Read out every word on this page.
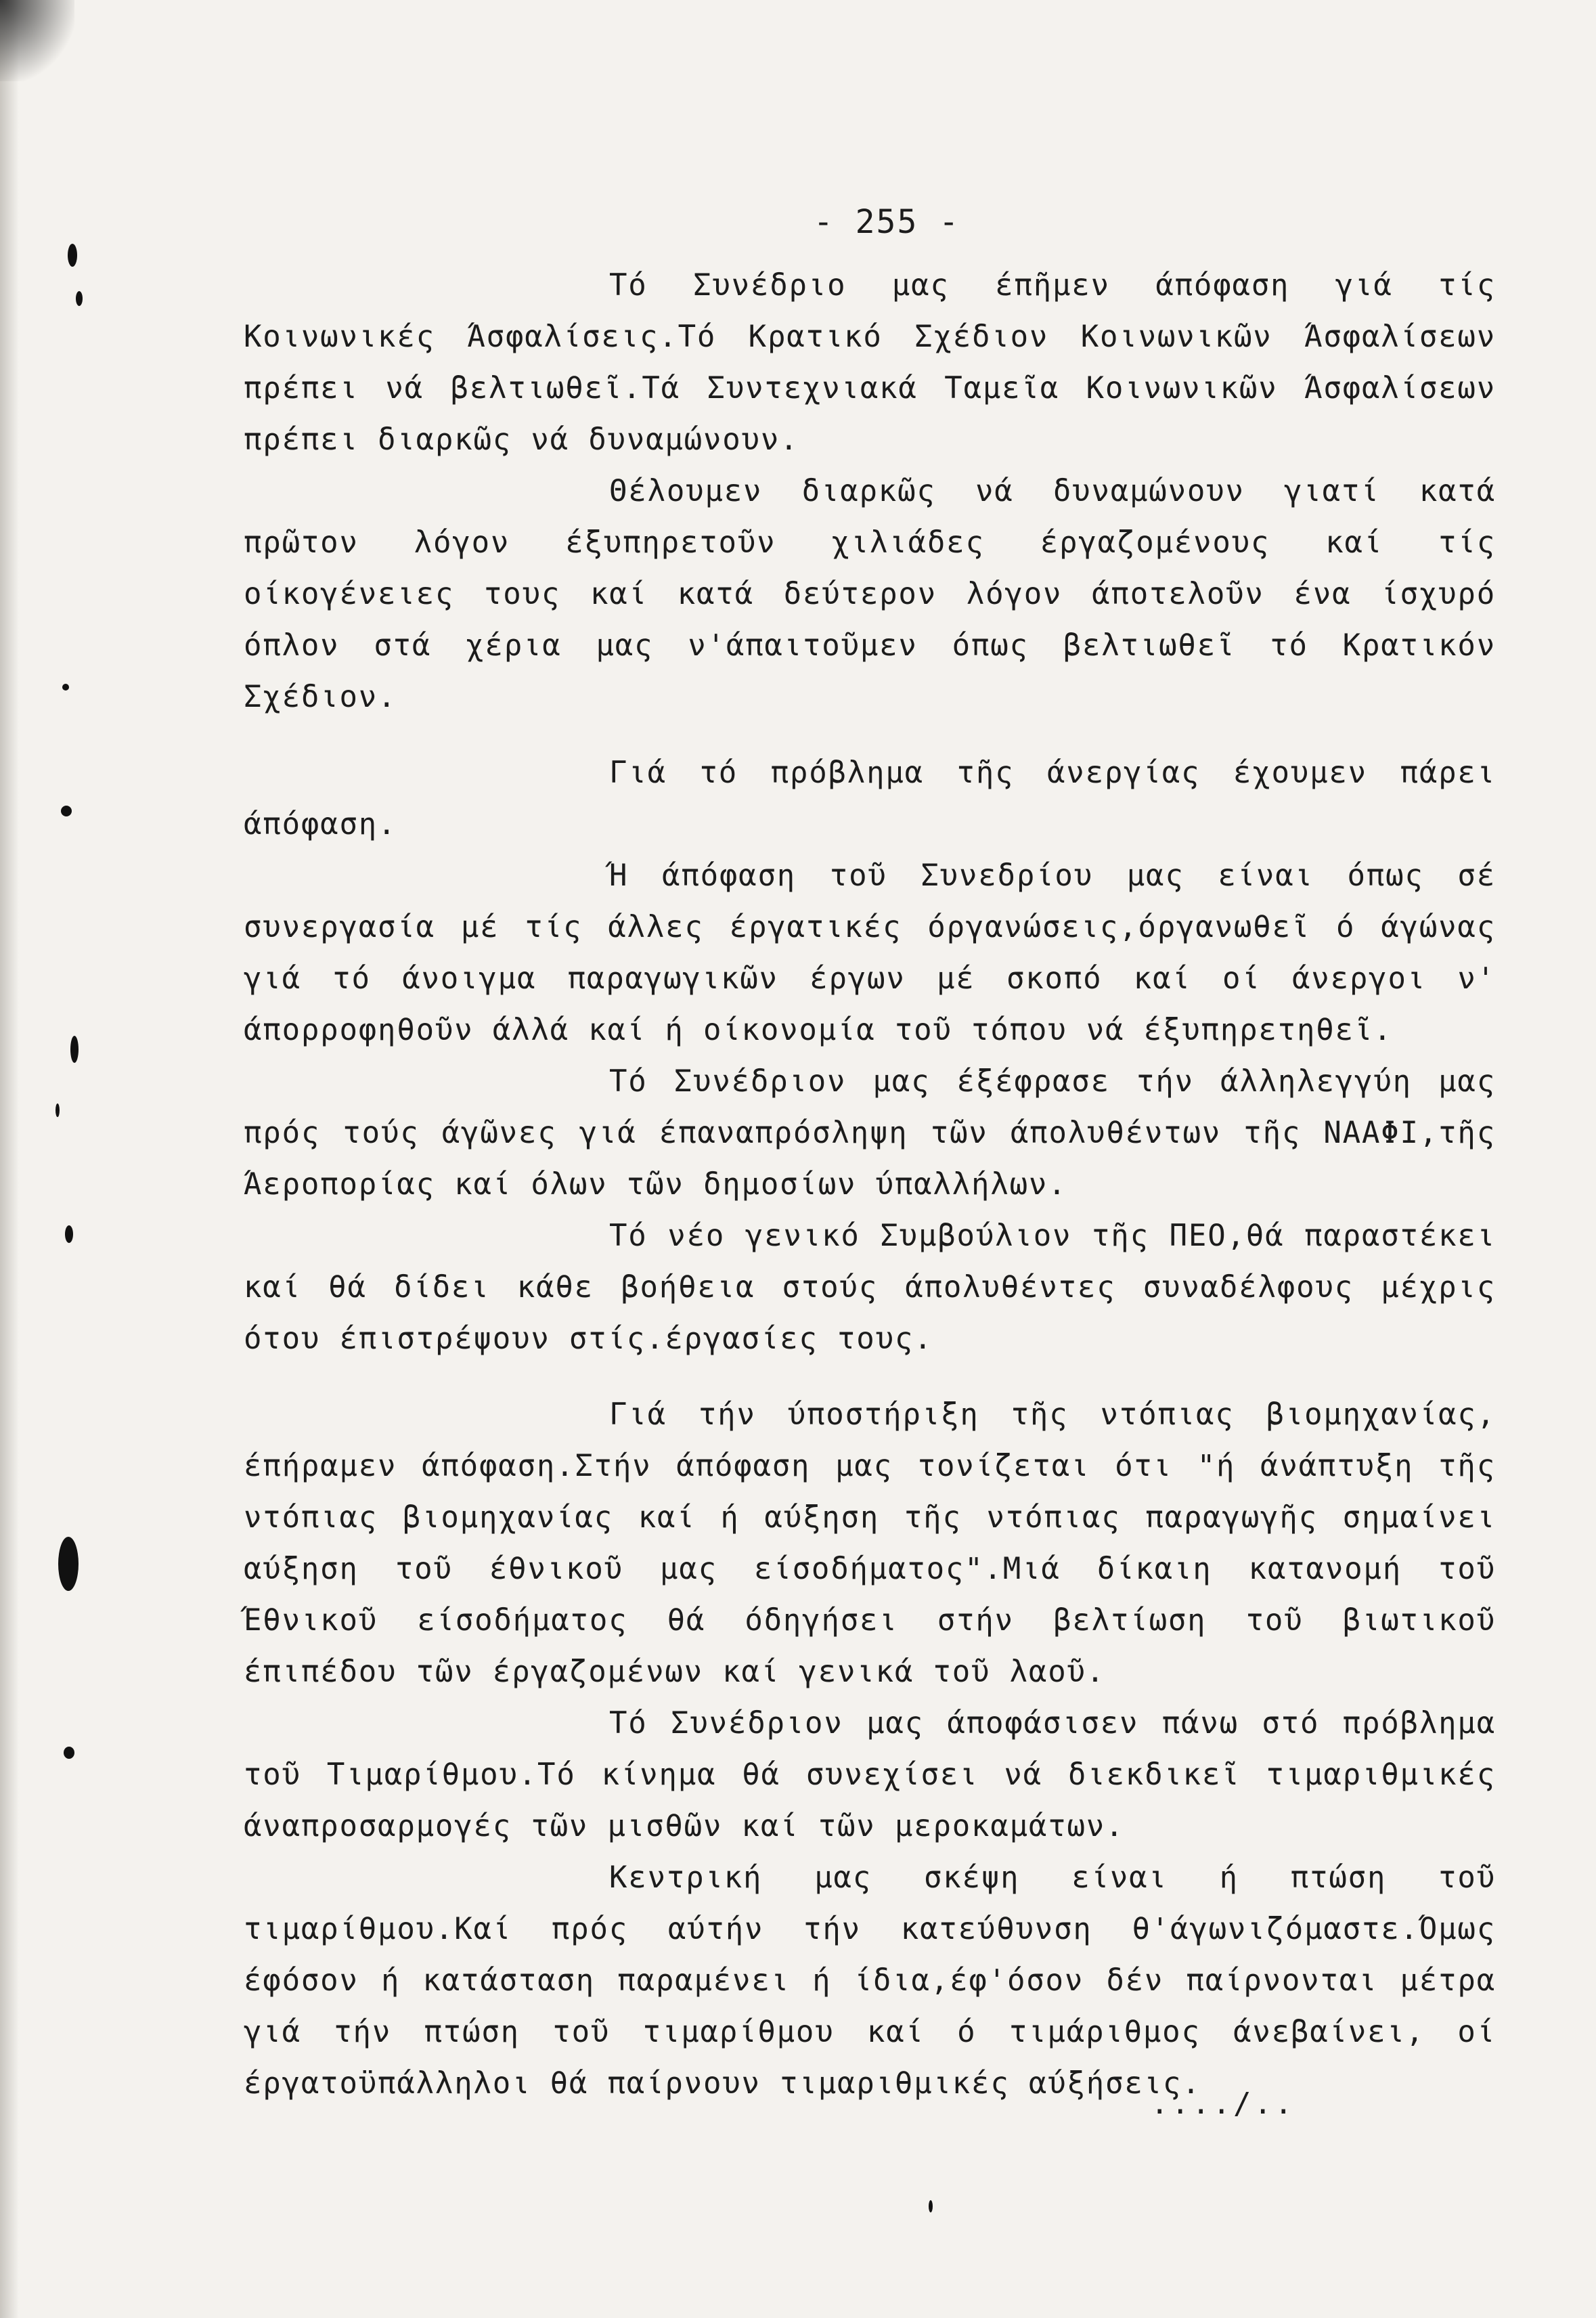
- 255 -

Τό Συνέδριο μας έπῆμεν άπόφαση γιά τίς Κοινωνικές Άσφαλίσεις.Τό Κρατικό Σχέδιον Κοινωνικῶν Άσφαλίσεων πρέπει νά βελτιωθεῖ.Τά Συντεχνιακά Ταμεῖα Κοινωνικῶν Άσφαλίσεων πρέπει διαρκῶς νά δυναμώνουν.

Θέλουμεν διαρκῶς νά δυναμώνουν γιατί κατά πρῶτον λόγον έξυπηρετοῦν χιλιάδες έργαζομένους καί τίς οίκογένειες τους καί κατά δεύτερον λόγον άποτελοῦν ένα ίσχυρό όπλον στά χέρια μας ν'άπαιτοῦμεν όπως βελτιωθεῖ τό Κρατικόν Σχέδιον.

Γιά τό πρόβλημα τῆς άνεργίας έχουμεν πάρει άπόφαση.

Ή άπόφαση τοῦ Συνεδρίου μας είναι όπως σέ συνεργασία μέ τίς άλλες έργατικές όργανώσεις,όργανωθεῖ ό άγώνας γιά τό άνοιγμα παραγωγικῶν έργων μέ σκοπό καί οί άνεργοι ν' άπορροφηθοῦν άλλά καί ή οίκονομία τοῦ τόπου νά έξυπηρετηθεῖ.

Τό Συνέδριον μας έξέφρασε τήν άλληλεγγύη μας πρός τούς άγῶνες γιά έπαναπρόσληψη τῶν άπολυθέντων τῆς ΝΑΑΦΙ,τῆς Άεροπορίας καί όλων τῶν δημοσίων ύπαλλήλων.

Τό νέο γενικό Συμβούλιον τῆς ΠΕΟ,θά παραστέκει καί θά δίδει κάθε βοήθεια στούς άπολυθέντες συναδέλφους μέχρις ότου έπιστρέψουν στίς.έργασίες τους.

Γιά τήν ύποστήριξη τῆς ντόπιας βιομηχανίας, έπήραμεν άπόφαση.Στήν άπόφαση μας τονίζεται ότι "ή άνάπτυξη τῆς ντόπιας βιομηχανίας καί ή αύξηση τῆς ντόπιας παραγωγῆς σημαίνει αύξηση τοῦ έθνικοῦ μας είσοδήματος".Μιά δίκαιη κατανομή τοῦ Έθνικοῦ είσοδήματος θά όδηγήσει στήν βελτίωση τοῦ βιωτικοῦ έπιπέδου τῶν έργαζομένων καί γενικά τοῦ λαοῦ.

Τό Συνέδριον μας άποφάσισεν πάνω στό πρόβλημα τοῦ Τιμαρίθμου.Τό κίνημα θά συνεχίσει νά διεκδικεῖ τιμαριθμικές άναπροσαρμογές τῶν μισθῶν καί τῶν μεροκαμάτων.

Κεντρική μας σκέψη είναι ή πτώση τοῦ τιμαρίθμου.Καί πρός αύτήν τήν κατεύθυνση θ'άγωνιζόμαστε.Όμως έφόσον ή κατάσταση παραμένει ή ίδια,έφ'όσον δέν παίρνονται μέτρα γιά τήν πτώση τοῦ τιμαρίθμου καί ό τιμάριθμος άνεβαίνει, οί έργατοϋπάλληλοι θά παίρνουν τιμαριθμικές αύξήσεις.

..../..
